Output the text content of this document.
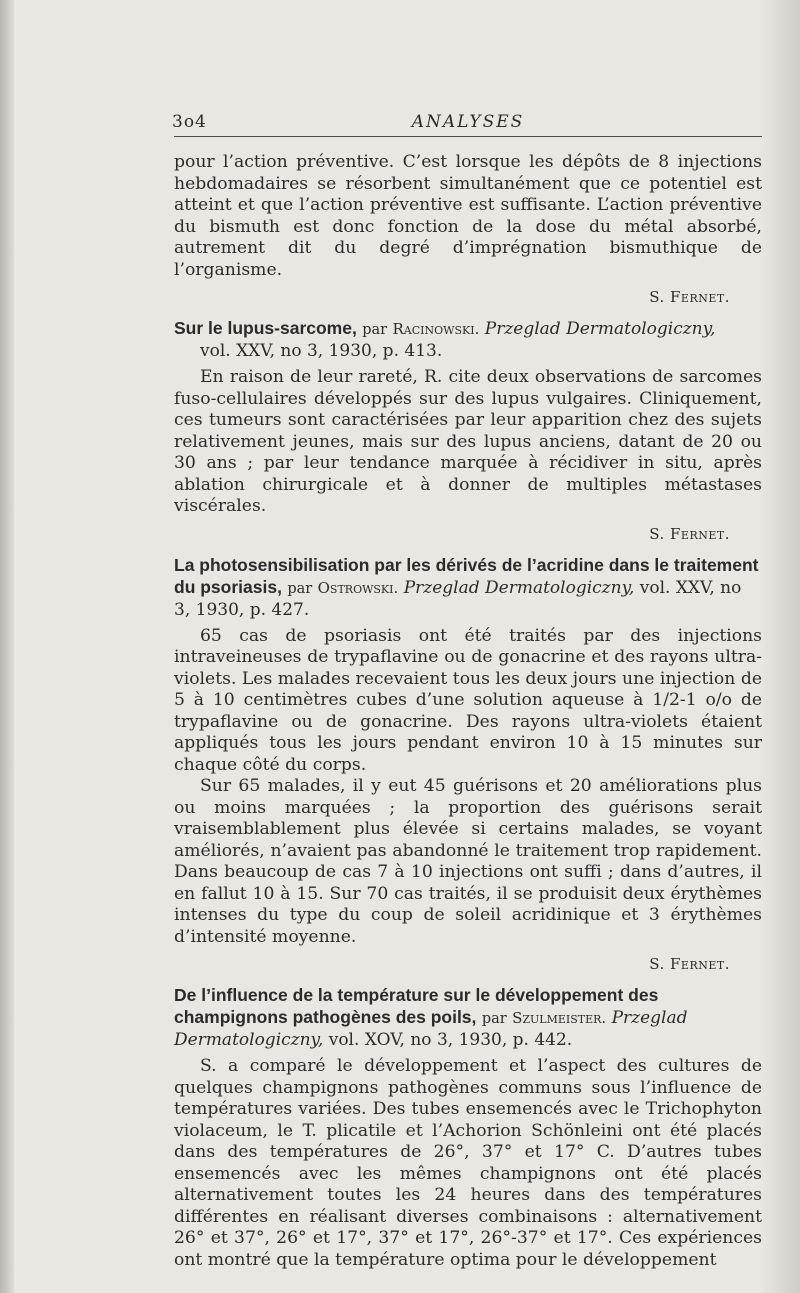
3o4	ANALYSES

pour l’action préventive. C’est lorsque les dépôts de 8 injections hebdomadaires se résorbent simultanément que ce potentiel est atteint et que l’action préventive est suffisante. L’action préventive du bismuth est donc fonction de la dose du métal absorbé, autrement dit du degré d’imprégnation bismuthique de l’organisme.

S. Fernet.
Sur le lupus-sarcome, par Racinowski. Przeglad Dermatologiczny,
vol. XXV, no 3, 1930, p. 413.

En raison de leur rareté, R. cite deux observations de sarcomes fuso-cellulaires développés sur des lupus vulgaires. Cliniquement, ces tumeurs sont caractérisées par leur apparition chez des sujets relativement jeunes, mais sur des lupus anciens, datant de 20 ou 30 ans ; par leur tendance marquée à récidiver in situ, après ablation chirurgicale et à donner de multiples métastases viscérales.

S. Fernet.
La photosensibilisation par les dérivés de l’acridine dans le traitement du psoriasis, par Ostrowski. Przeglad Dermatologiczny, vol. XXV, no 3, 1930, p. 427.

65 cas de psoriasis ont été traités par des injections intraveineuses de trypaflavine ou de gonacrine et des rayons ultra-violets. Les malades recevaient tous les deux jours une injection de 5 à 10 centimètres cubes d’une solution aqueuse à 1/2-1 o/o de trypaflavine ou de gonacrine. Des rayons ultra-violets étaient appliqués tous les jours pendant environ 10 à 15 minutes sur chaque côté du corps.

Sur 65 malades, il y eut 45 guérisons et 20 améliorations plus ou moins marquées ; la proportion des guérisons serait vraisemblablement plus élevée si certains malades, se voyant améliorés, n’avaient pas abandonné le traitement trop rapidement. Dans beaucoup de cas 7 à 10 injections ont suffi ; dans d’autres, il en fallut 10 à 15. Sur 70 cas traités, il se produisit deux érythèmes intenses du type du coup de soleil acridinique et 3 érythèmes d’intensité moyenne.

S. Fernet.
De l’influence de la température sur le développement des champignons pathogènes des poils, par Szulmeister. Przeglad Dermatologiczny, vol. XOV, no 3, 1930, p. 442.

S. a comparé le développement et l’aspect des cultures de quelques champignons pathogènes communs sous l’influence de températures variées. Des tubes ensemencés avec le Trichophyton violaceum, le T. plicatile et l’Achorion Schönleini ont été placés dans des températures de 26°, 37° et 17° C. D’autres tubes ensemencés avec les mêmes champignons ont été placés alternativement toutes les 24 heures dans des températures différentes en réalisant diverses combinaisons : alternativement 26° et 37°, 26° et 17°, 37° et 17°, 26°-37° et 17°. Ces expériences ont montré que la température optima pour le développement
